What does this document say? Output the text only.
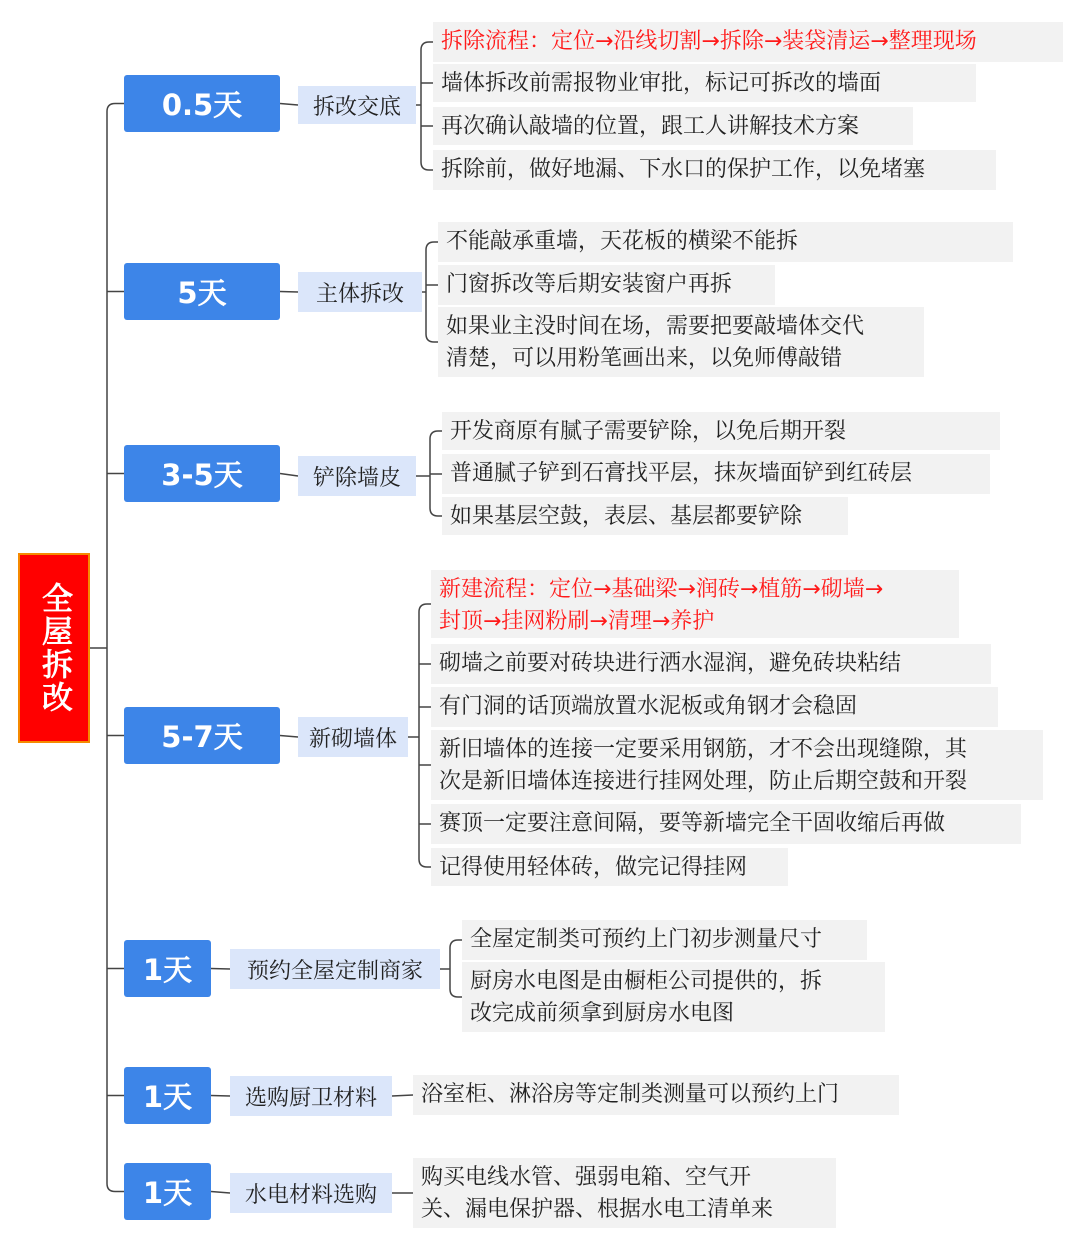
全屋拆改
0.5天	拆改交底
拆除流程：定位→沿线切割→拆除→装袋清运→整理现场
墙体拆改前需报物业审批，标记可拆改的墙面
再次确认敲墙的位置，跟工人讲解技术方案
拆除前，做好地漏、下水口的保护工作，以免堵塞
5天	主体拆改
不能敲承重墙，天花板的横梁不能拆
门窗拆改等后期安装窗户再拆
如果业主没时间在场，需要把要敲墙体交代
清楚，可以用粉笔画出来，以免师傅敲错
3-5天	铲除墙皮
开发商原有腻子需要铲除，以免后期开裂
普通腻子铲到石膏找平层，抹灰墙面铲到红砖层
如果基层空鼓，表层、基层都要铲除
5-7天	新砌墙体
新建流程：定位→基础梁→润砖→植筋→砌墙→
封顶→挂网粉刷→清理→养护
砌墙之前要对砖块进行洒水湿润，避免砖块粘结
有门洞的话顶端放置水泥板或角钢才会稳固
新旧墙体的连接一定要采用钢筋，才不会出现缝隙，其
次是新旧墙体连接进行挂网处理，防止后期空鼓和开裂
赛顶一定要注意间隔，要等新墙完全干固收缩后再做
记得使用轻体砖，做完记得挂网
1天	预约全屋定制商家
全屋定制类可预约上门初步测量尺寸
厨房水电图是由橱柜公司提供的，拆
改完成前须拿到厨房水电图
1天	选购厨卫材料	浴室柜、淋浴房等定制类测量可以预约上门
1天	水电材料选购
购买电线水管、强弱电箱、空气开
关、漏电保护器、根据水电工清单来
